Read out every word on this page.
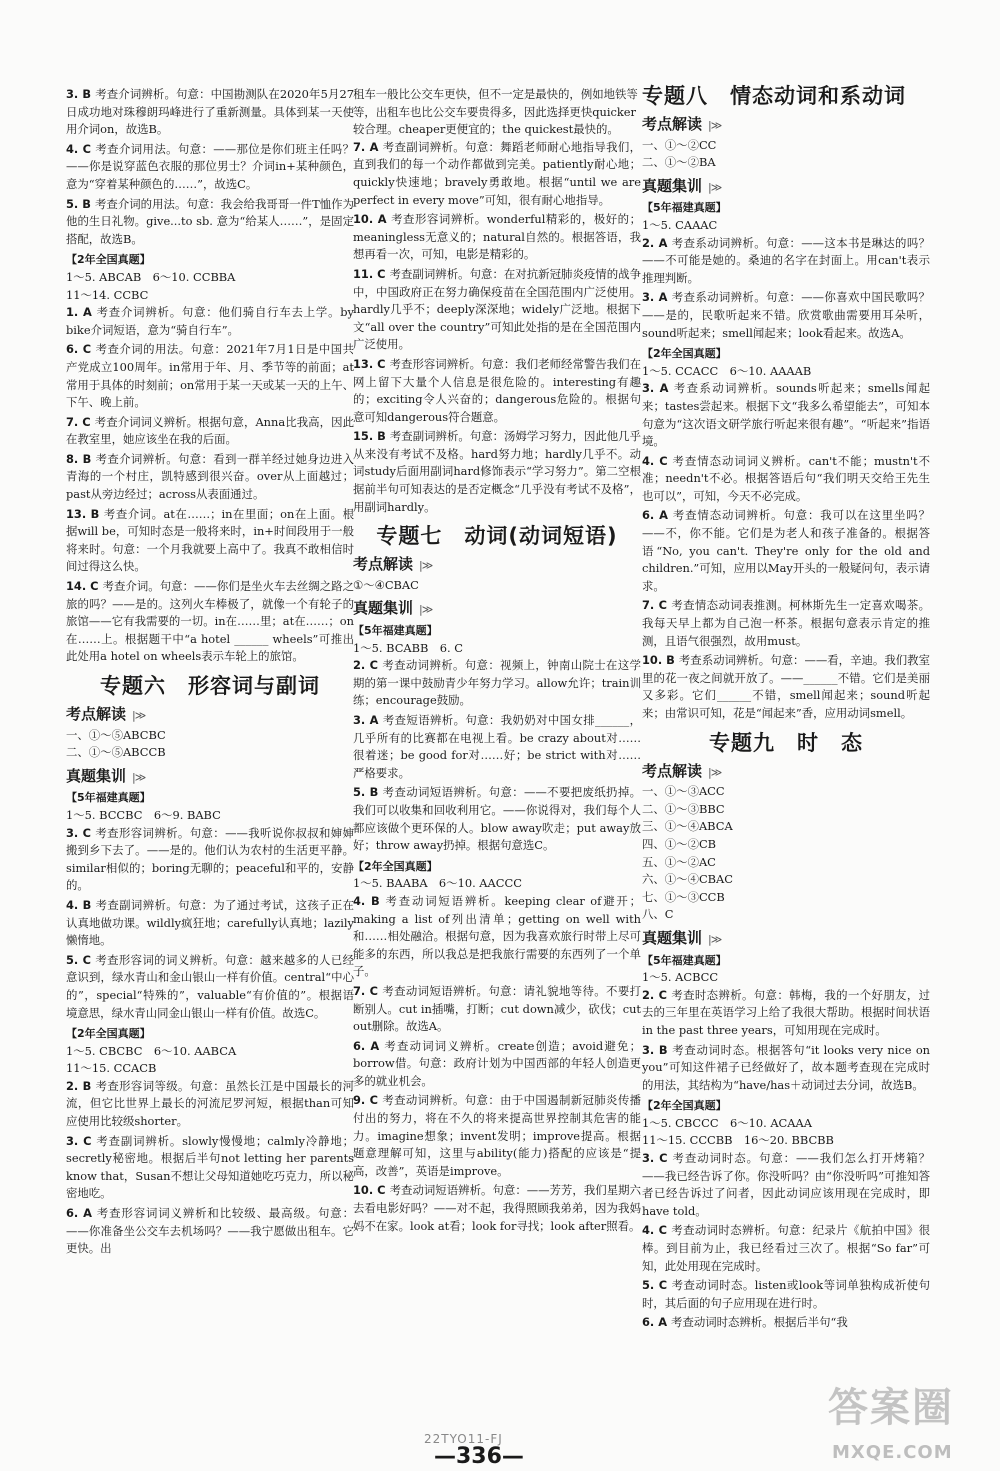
3. B 考查介词辨析。句意：中国勘测队在2020年5月27日成功地对珠穆朗玛峰进行了重新测量。具体到某一天使用介词on，故选B。

4. C 考查介词用法。句意：——那位是你们班主任吗？——你是说穿蓝色衣服的那位男士？介词in+某种颜色，意为“穿着某种颜色的……”，故选C。

5. B 考查介词的用法。句意：我会给我哥哥一件T恤作为他的生日礼物。give...to sb. 意为“给某人……”，是固定搭配，故选B。

【2年全国真题】
1～5. ABCAB　6～10. CCBBA
11～14. CCBC

1. A 考查介词辨析。句意：他们骑自行车去上学。by bike介词短语，意为“骑自行车”。

6. C 考查介词的用法。句意：2021年7月1日是中国共产党成立100周年。in常用于年、月、季节等的前面；at常用于具体的时刻前；on常用于某一天或某一天的上午、下午、晚上前。

7. C 考查介词词义辨析。根据句意，Anna比我高，因此在教室里，她应该坐在我的后面。

8. B 考查介词辨析。句意：看到一群羊经过她身边进入青海的一个村庄，凯特感到很兴奋。over从上面越过；past从旁边经过；across从表面通过。

13. B 考查介词。at在……；in在里面；on在上面。根据will be，可知时态是一般将来时，in+时间段用于一般将来时。句意：一个月我就要上高中了。我真不敢相信时间过得这么快。

14. C 考查介词。句意：——你们是坐火车去丝绸之路之旅的吗？——是的。这列火车棒极了，就像一个有轮子的旅馆——它有我需要的一切。in在……里；at在……；on在……上。根据题干中“a hotel ______ wheels”可推出此处用a hotel on wheels表示车轮上的旅馆。

专题六　形容词与副词
考点解读 |≫
一、①～⑤ABCBC
二、①～⑤ABCCB
真题集训 |≫
【5年福建真题】
1～5. BCCBC　6～9. BABC

3. C 考查形容词辨析。句意：——我听说你叔叔和婶婶搬到乡下去了。——是的。他们认为农村的生活更平静。similar相似的；boring无聊的；peaceful和平的，安静的。

4. B 考查副词辨析。句意：为了通过考试，这孩子正在认真地做功课。wildly疯狂地；carefully认真地；lazily懒惰地。

5. C 考查形容词的词义辨析。句意：越来越多的人已经意识到，绿水青山和金山银山一样有价值。central“中心的”，special“特殊的”，valuable“有价值的”。根据语境意思，绿水青山同金山银山一样有价值。故选C。

【2年全国真题】
1～5. CBCBC　6～10. AABCA
11～15. CCACB

2. B 考查形容词等级。句意：虽然长江是中国最长的河流，但它比世界上最长的河流尼罗河短，根据than可知应使用比较级shorter。

3. C 考查副词辨析。slowly慢慢地；calmly冷静地；secretly秘密地。根据后半句not letting her parents know that，Susan不想让父母知道她吃巧克力，所以秘密地吃。

6. A 考查形容词词义辨析和比较级、最高级。句意：——你准备坐公交车去机场吗？——我宁愿做出租车。它更快。出

租车一般比公交车更快，但不一定是最快的，例如地铁等等，出租车也比公交车要贵得多，因此选择更快quicker较合理。cheaper更便宜的；the quickest最快的。

7. A 考查副词辨析。句意：舞蹈老师耐心地指导我们，直到我们的每一个动作都做到完美。patiently耐心地；quickly快速地；bravely勇敢地。根据“until we are perfect in every move”可知，很有耐心地指导。

10. A 考查形容词辨析。wonderful精彩的，极好的；meaningless无意义的；natural自然的。根据答语，我想再看一次，可知，电影是精彩的。

11. C 考查副词辨析。句意：在对抗新冠肺炎疫情的战争中，中国政府正在努力确保疫苗在全国范围内广泛使用。hardly几乎不；deeply深深地；widely广泛地。根据下文“all over the country”可知此处指的是在全国范围内广泛使用。

13. C 考查形容词辨析。句意：我们老师经常警告我们在网上留下大量个人信息是很危险的。interesting有趣的；exciting令人兴奋的；dangerous危险的。根据句意可知dangerous符合题意。

15. B 考查副词辨析。句意：汤姆学习努力，因此他几乎从来没有考试不及格。hard努力地；hardly几乎不。动词study后面用副词hard修饰表示“学习努力”。第二空根据前半句可知表达的是否定概念“几乎没有考试不及格”，用副词hardly。

专题七　动词(动词短语)
考点解读 |≫
①～④CBAC
真题集训 |≫
【5年福建真题】
1～5. BCABB　6. C

2. C 考查动词辨析。句意：视频上，钟南山院士在这学期的第一课中鼓励青少年努力学习。allow允许；train训练；encourage鼓励。

3. A 考查短语辨析。句意：我奶奶对中国女排______，几乎所有的比赛都在电视上看。be crazy about对……很着迷；be good for对……好；be strict with对……严格要求。

5. B 考查动词短语辨析。句意：——不要把废纸扔掉。我们可以收集和回收利用它。——你说得对，我们每个人都应该做个更环保的人。blow away吹走；put away放好；throw away扔掉。根据句意选C。

【2年全国真题】
1～5. BAABA　6～10. AACCC

4. B 考查动词短语辨析。keeping clear of避开；making a list of列出清单；getting on well with和……相处融洽。根据句意，因为我喜欢旅行时带上尽可能多的东西，所以我总是把我旅行需要的东西列了一个单子。

7. C 考查动词短语辨析。句意：请礼貌地等待。不要打断别人。cut in插嘴，打断；cut down减少，砍伐；cut out删除。故选A。

6. A 考查动词词义辨析。create创造；avoid避免；borrow借。句意：政府计划为中国西部的年轻人创造更多的就业机会。

9. C 考查动词辨析。句意：由于中国遏制新冠肺炎传播付出的努力，将在不久的将来提高世界控制其危害的能力。imagine想象；invent发明；improve提高。根据题意理解可知，这里与ability(能力)搭配的应该是“提高，改善”，英语是improve。

10. C 考查动词短语辨析。句意：——芳芳，我们星期六去看电影好吗？——对不起，我得照顾我弟弟，因为我妈妈不在家。look at看；look for寻找；look after照看。

专题八　情态动词和系动词
考点解读 |≫
一、①～②CC
二、①～②BA
真题集训 |≫
【5年福建真题】
1～5. CAAAC

2. A 考查系动词辨析。句意：——这本书是琳达的吗？——不可能是她的。桑迪的名字在封面上。用can't表示推理判断。

3. A 考查系动词辨析。句意：——你喜欢中国民歌吗？——是的，民歌听起来不错。欣赏歌曲需要用耳朵听，sound听起来；smell闻起来；look看起来。故选A。

【2年全国真题】
1～5. CCACC　6～10. AAAAB

3. A 考查系动词辨析。sounds听起来；smells闻起来；tastes尝起来。根据下文“我多么希望能去”，可知本句意为“这次语文研学旅行听起来很有趣”。“听起来”指语境。

4. C 考查情态动词词义辨析。can't不能；mustn't不准；needn't不必。根据答语后句“我们明天交给王先生也可以”，可知，今天不必完成。

6. A 考查情态动词辨析。句意：我可以在这里坐吗？——不，你不能。它们是为老人和孩子准备的。根据答语“No, you can't. They're only for the old and children.”可知，应用以May开头的一般疑问句，表示请求。

7. C 考查情态动词表推测。柯林斯先生一定喜欢喝茶。我每天早上都为自己泡一杯茶。根据句意表示肯定的推测，且语气很强烈，故用must。

10. B 考查系动词辨析。句意：——看，辛迪。我们教室里的花一夜之间就开放了。——______不错。它们是美丽又多彩。它们______不错，smell闻起来；sound听起来；由常识可知，花是“闻起来”香，应用动词smell。

专题九　时　态
考点解读 |≫
一、①～③ACC
二、①～③BBC
三、①～④ABCA
四、①～②CB
五、①～②AC
六、①～④CBAC
七、①～③CCB
八、C
真题集训 |≫
【5年福建真题】
1～5. ACBCC

2. C 考查时态辨析。句意：韩梅，我的一个好朋友，过去的三年里在英语学习上给了我很大帮助。根据时间状语in the past three years，可知用现在完成时。

3. B 考查动词时态。根据答句“it looks very nice on you”可知这件裙子已经做好了，故本题考查现在完成时的用法，其结构为“have/has＋动词过去分词，故选B。

【2年全国真题】
1～5. CBCCC　6～10. ACAAA
11～15. CCCBB　16～20. BBCBB

3. C 考查动词时态。句意：——我们怎么打开烤箱？——我已经告诉了你。你没听吗？由“你没听吗”可推知答者已经告诉过了问者，因此动词应该用现在完成时，即have told。

4. C 考查动词时态辨析。句意：纪录片《航拍中国》很棒。到目前为止，我已经看过三次了。根据“So far”可知，此处用现在完成时。

5. C 考查动词时态。listen或look等词单独构成祈使句时，其后面的句子应用现在进行时。

6. A 考查动词时态辨析。根据后半句“我

22TYO11-FJ
—336—
答案圈
MXQE.COM
